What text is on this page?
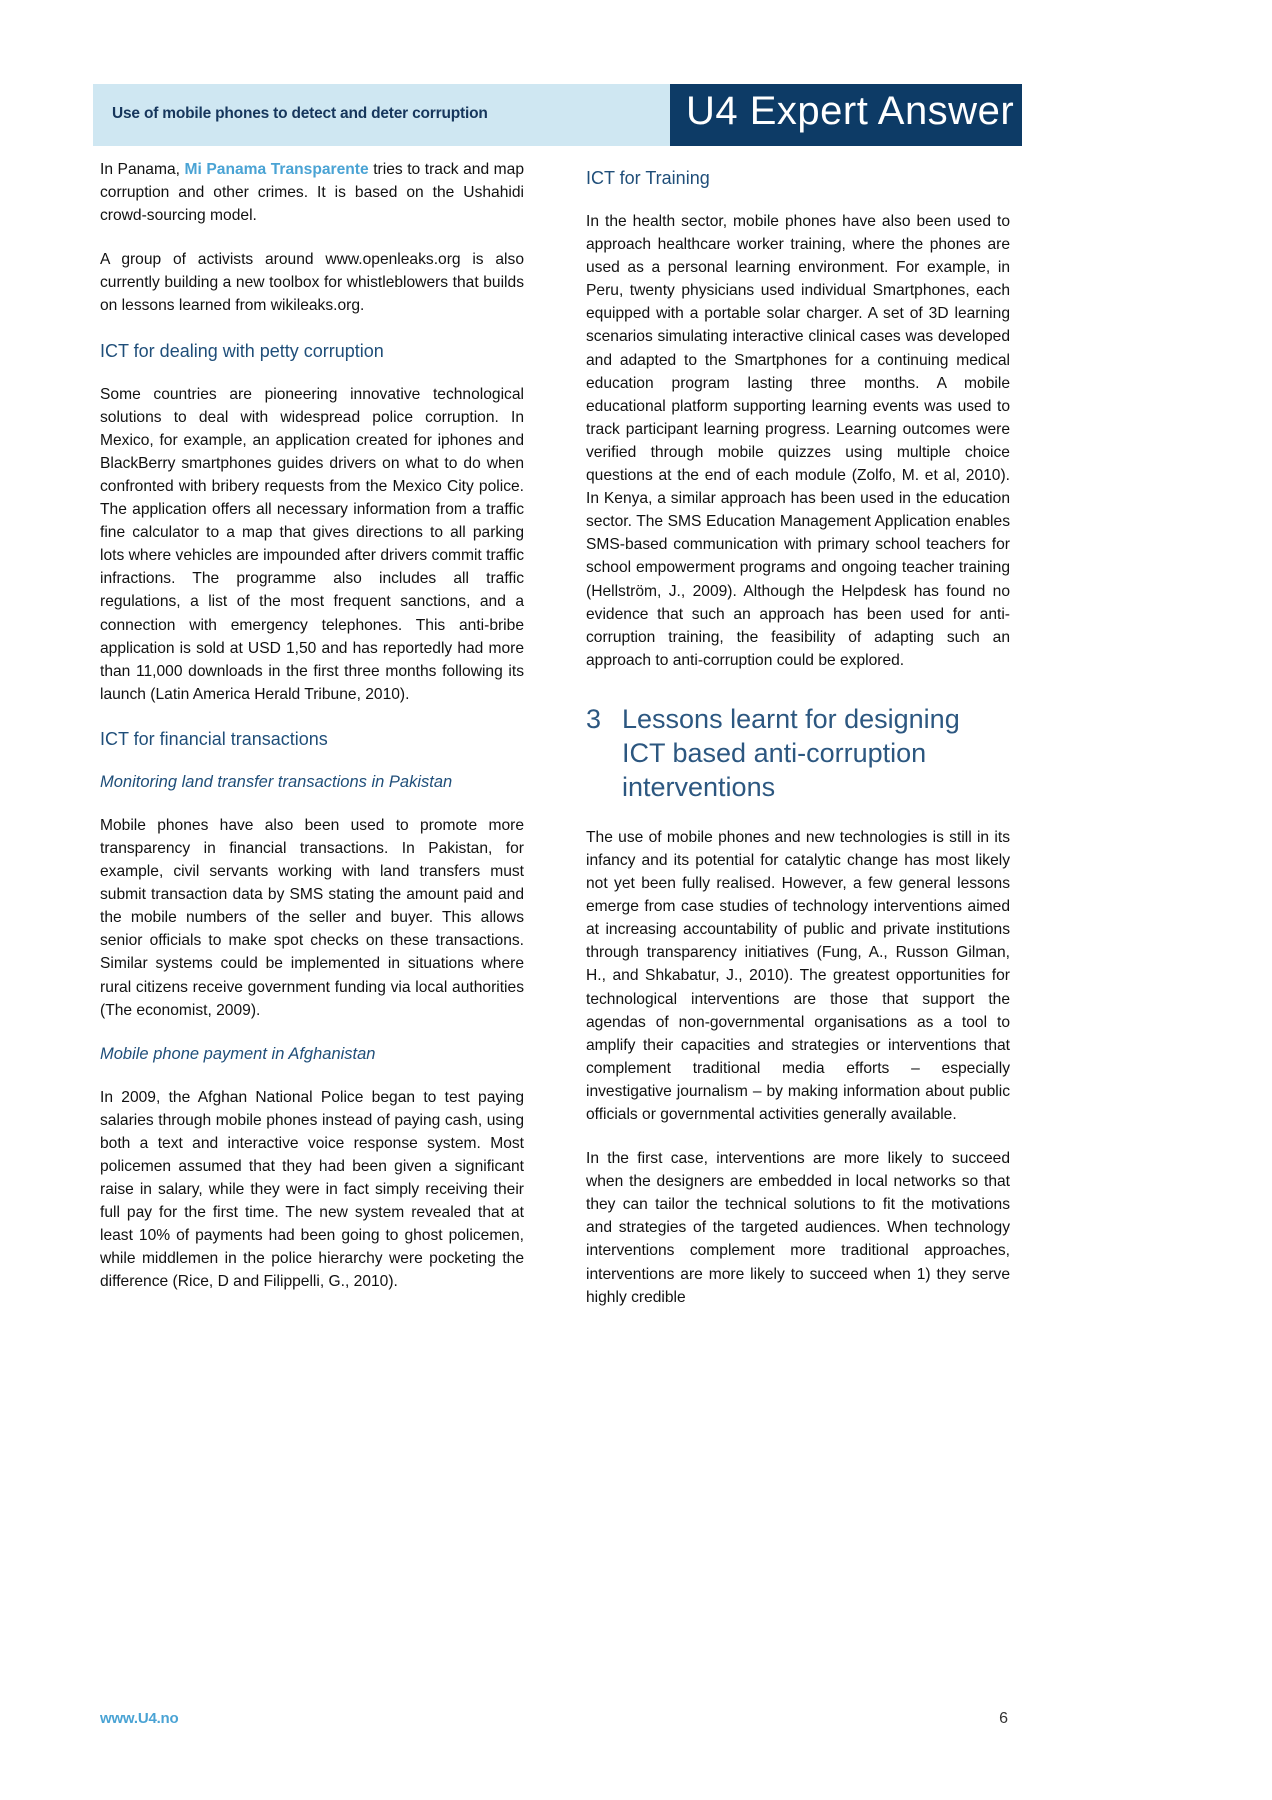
Use of mobile phones to detect and deter corruption	U4 Expert Answer

In Panama, Mi Panama Transparente tries to track and map corruption and other crimes. It is based on the Ushahidi crowd-sourcing model.

A group of activists around www.openleaks.org is also currently building a new toolbox for whistleblowers that builds on lessons learned from wikileaks.org.

ICT for dealing with petty corruption

Some countries are pioneering innovative technological solutions to deal with widespread police corruption. In Mexico, for example, an application created for iphones and BlackBerry smartphones guides drivers on what to do when confronted with bribery requests from the Mexico City police. The application offers all necessary information from a traffic fine calculator to a map that gives directions to all parking lots where vehicles are impounded after drivers commit traffic infractions. The programme also includes all traffic regulations, a list of the most frequent sanctions, and a connection with emergency telephones. This anti-bribe application is sold at USD 1,50 and has reportedly had more than 11,000 downloads in the first three months following its launch (Latin America Herald Tribune, 2010).

ICT for financial transactions
Monitoring land transfer transactions in Pakistan

Mobile phones have also been used to promote more transparency in financial transactions. In Pakistan, for example, civil servants working with land transfers must submit transaction data by SMS stating the amount paid and the mobile numbers of the seller and buyer. This allows senior officials to make spot checks on these transactions. Similar systems could be implemented in situations where rural citizens receive government funding via local authorities (The economist, 2009).

Mobile phone payment in Afghanistan

In 2009, the Afghan National Police began to test paying salaries through mobile phones instead of paying cash, using both a text and interactive voice response system. Most policemen assumed that they had been given a significant raise in salary, while they were in fact simply receiving their full pay for the first time. The new system revealed that at least 10% of payments had been going to ghost policemen, while middlemen in the police hierarchy were pocketing the difference (Rice, D and Filippelli, G., 2010).

ICT for Training

In the health sector, mobile phones have also been used to approach healthcare worker training, where the phones are used as a personal learning environment. For example, in Peru, twenty physicians used individual Smartphones, each equipped with a portable solar charger. A set of 3D learning scenarios simulating interactive clinical cases was developed and adapted to the Smartphones for a continuing medical education program lasting three months. A mobile educational platform supporting learning events was used to track participant learning progress. Learning outcomes were verified through mobile quizzes using multiple choice questions at the end of each module (Zolfo, M. et al, 2010). In Kenya, a similar approach has been used in the education sector. The SMS Education Management Application enables SMS-based communication with primary school teachers for school empowerment programs and ongoing teacher training (Hellström, J., 2009). Although the Helpdesk has found no evidence that such an approach has been used for anti-corruption training, the feasibility of adapting such an approach to anti-corruption could be explored.

3 Lessons learnt for designing ICT based anti-corruption interventions

The use of mobile phones and new technologies is still in its infancy and its potential for catalytic change has most likely not yet been fully realised. However, a few general lessons emerge from case studies of technology interventions aimed at increasing accountability of public and private institutions through transparency initiatives (Fung, A., Russon Gilman, H., and Shkabatur, J., 2010). The greatest opportunities for technological interventions are those that support the agendas of non-governmental organisations as a tool to amplify their capacities and strategies or interventions that complement traditional media efforts – especially investigative journalism – by making information about public officials or governmental activities generally available.

In the first case, interventions are more likely to succeed when the designers are embedded in local networks so that they can tailor the technical solutions to fit the motivations and strategies of the targeted audiences. When technology interventions complement more traditional approaches, interventions are more likely to succeed when 1) they serve highly credible

www.U4.no	6
